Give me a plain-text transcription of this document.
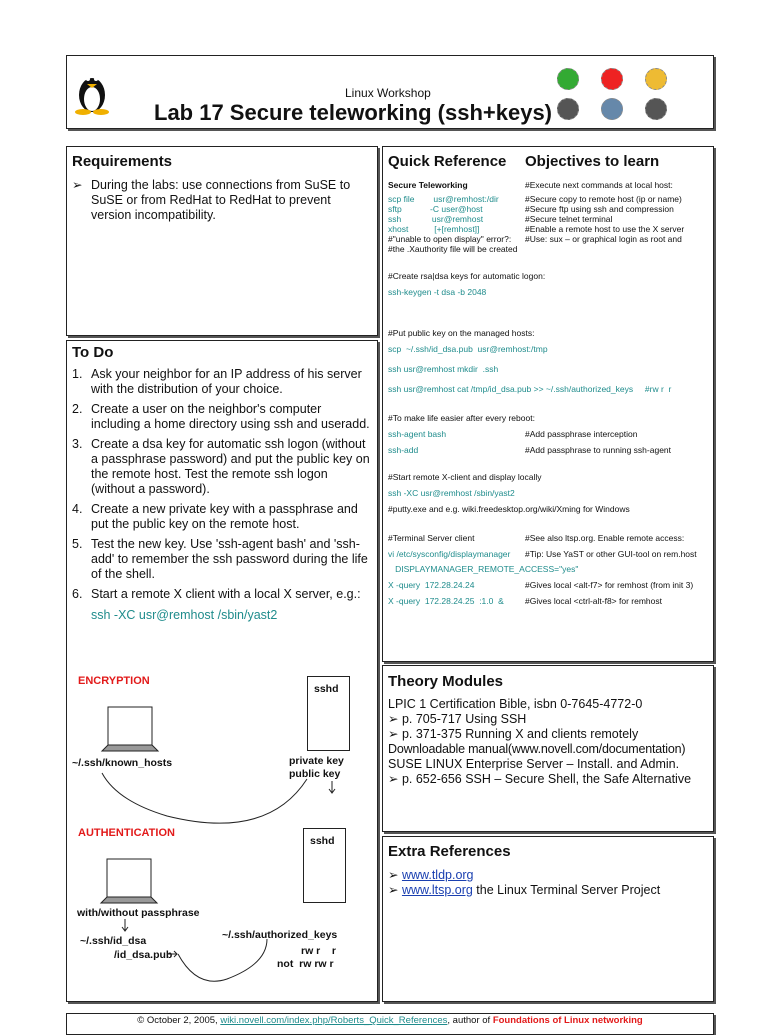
Linux Workshop
Lab 17 Secure teleworking (ssh+keys)
Requirements
➢ During the labs: use connections from SuSE to SuSE or from RedHat to RedHat to prevent version incompatibility.
To Do
1. Ask your neighbor for an IP address of his server with the distribution of your choice.
2. Create a user on the neighbor's computer including a home directory using ssh and useradd.
3. Create a dsa key for automatic ssh logon (without a passphrase password) and put the public key on the remote host. Test the remote ssh logon (without a password).
4. Create a new private key with a passphrase and put the public key on the remote host.
5. Test the new key. Use 'ssh-agent bash' and 'ssh-add' to remember the ssh password during the life of the shell.
6. Start a remote X client with a local X server, e.g.:
ssh -XC usr@remhost /sbin/yast2
ENCRYPTION
sshd
~/.ssh/known_hosts	private key
public key
AUTHENTICATION
sshd
with/without passphrase
~/.ssh/id_dsa
/id_dsa.pub
~/.ssh/authorized_keys
rw r    r
not  rw rw r
Quick Reference Objectives to learn
Secure Teleworking	#Execute next commands at local host:
scp file        usr@remhost:/dir	#Secure copy to remote host (ip or name)
sftp            -C user@host	#Secure ftp using ssh and compression
ssh             usr@remhost	#Secure telnet terminal
xhost           [+[remhost]]	#Enable a remote host to use the X server
#"unable to open display" error?: #Use: sux – or graphical login as root and
#the .Xauthority file will be created
#Create rsa|dsa keys for automatic logon:
ssh-keygen -t dsa -b 2048
#Put public key on the managed hosts:
scp  ~/.ssh/id_dsa.pub  usr@remhost:/tmp
ssh usr@remhost mkdir  .ssh
ssh usr@remhost cat /tmp/id_dsa.pub >> ~/.ssh/authorized_keys     #rw r  r
#To make life easier after every reboot:
ssh-agent bash	#Add passphrase interception
ssh-add	#Add passphrase to running ssh-agent
#Start remote X-client and display locally
ssh -XC usr@remhost /sbin/yast2
#putty.exe and e.g. wiki.freedesktop.org/wiki/Xming for Windows
#Terminal Server client	#See also ltsp.org. Enable remote access:
vi /etc/sysconfig/displaymanager #Tip: Use YaST or other GUI-tool on rem.host
DISPLAYMANAGER_REMOTE_ACCESS="yes"
X -query  172.28.24.24	#Gives local <alt-f7> for remhost (from init 3)
X -query  172.28.24.25  :1.0  & #Gives local <ctrl-alt-f8> for remhost
Theory Modules
LPIC 1 Certification Bible, isbn 0-7645-4772-0
➢ p. 705-717 Using SSH
➢ p. 371-375 Running X and clients remotely
Downloadable manual(www.novell.com/documentation)
SUSE LINUX Enterprise Server – Install. and Admin.
➢ p. 652-656 SSH – Secure Shell, the Safe Alternative
Extra References
➢ www.tldp.org
➢ www.ltsp.org the Linux Terminal Server Project
© October 2, 2005, wiki.novell.com/index.php/Roberts_Quick_References, author of Foundations of Linux networking
